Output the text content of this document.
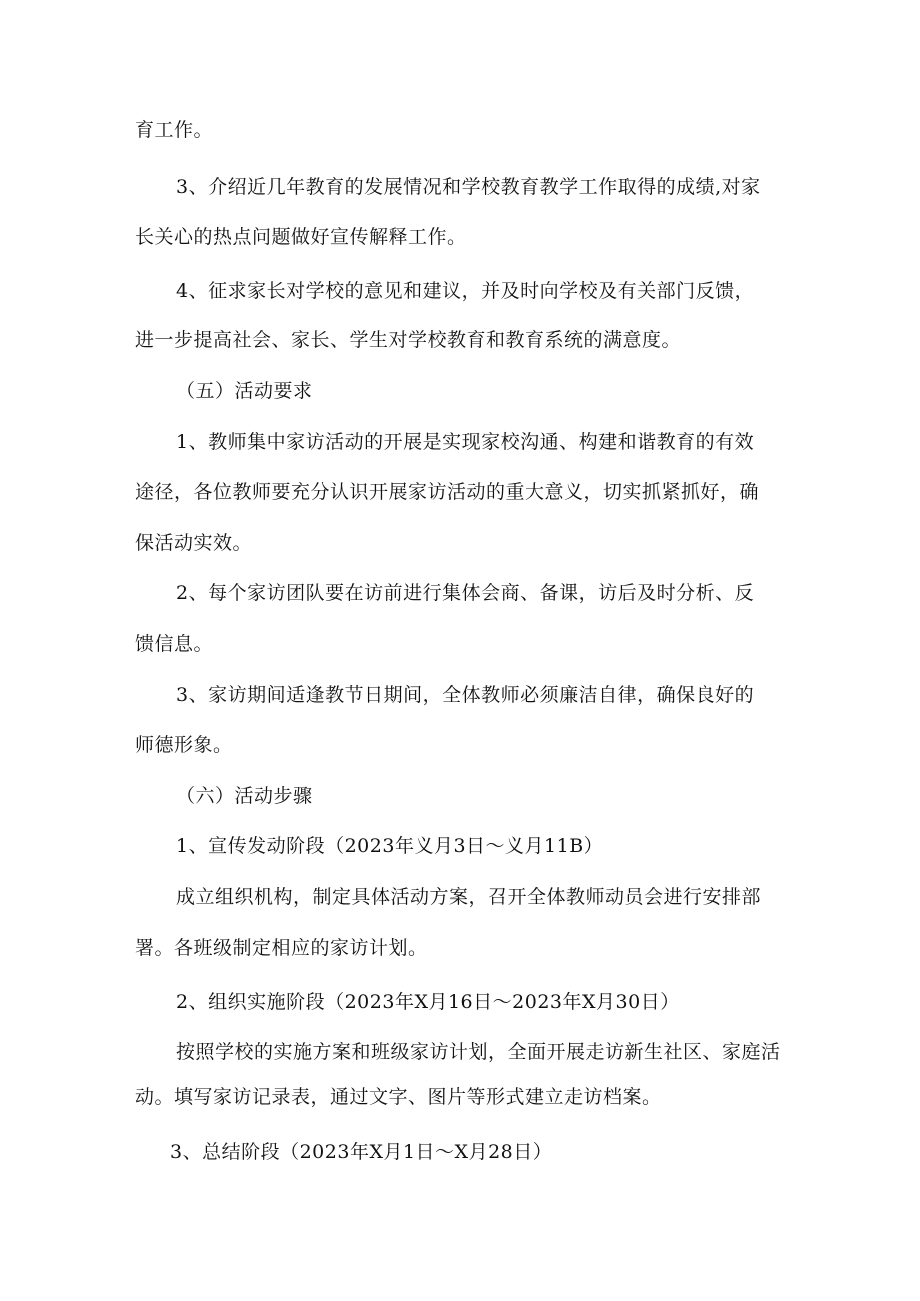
育工作。

3、介绍近几年教育的发展情况和学校教育教学工作取得的成绩,对家

长关心的热点问题做好宣传解释工作。

4、征求家长对学校的意见和建议，并及时向学校及有关部门反馈，

进一步提高社会、家长、学生对学校教育和教育系统的满意度。

（五）活动要求

1、教师集中家访活动的开展是实现家校沟通、构建和谐教育的有效

途径，各位教师要充分认识开展家访活动的重大意义，切实抓紧抓好，确

保活动实效。

2、每个家访团队要在访前进行集体会商、备课，访后及时分析、反

馈信息。

3、家访期间适逢教节日期间，全体教师必须廉洁自律，确保良好的

师德形象。

（六）活动步骤

1、宣传发动阶段（2023年义月3日～义月11B）

成立组织机构，制定具体活动方案，召开全体教师动员会进行安排部

署。各班级制定相应的家访计划。

2、组织实施阶段（2023年X月16日～2023年X月30日）

按照学校的实施方案和班级家访计划，全面开展走访新生社区、家庭活

动。填写家访记录表，通过文字、图片等形式建立走访档案。

3、总结阶段（2023年X月1日～X月28日）
